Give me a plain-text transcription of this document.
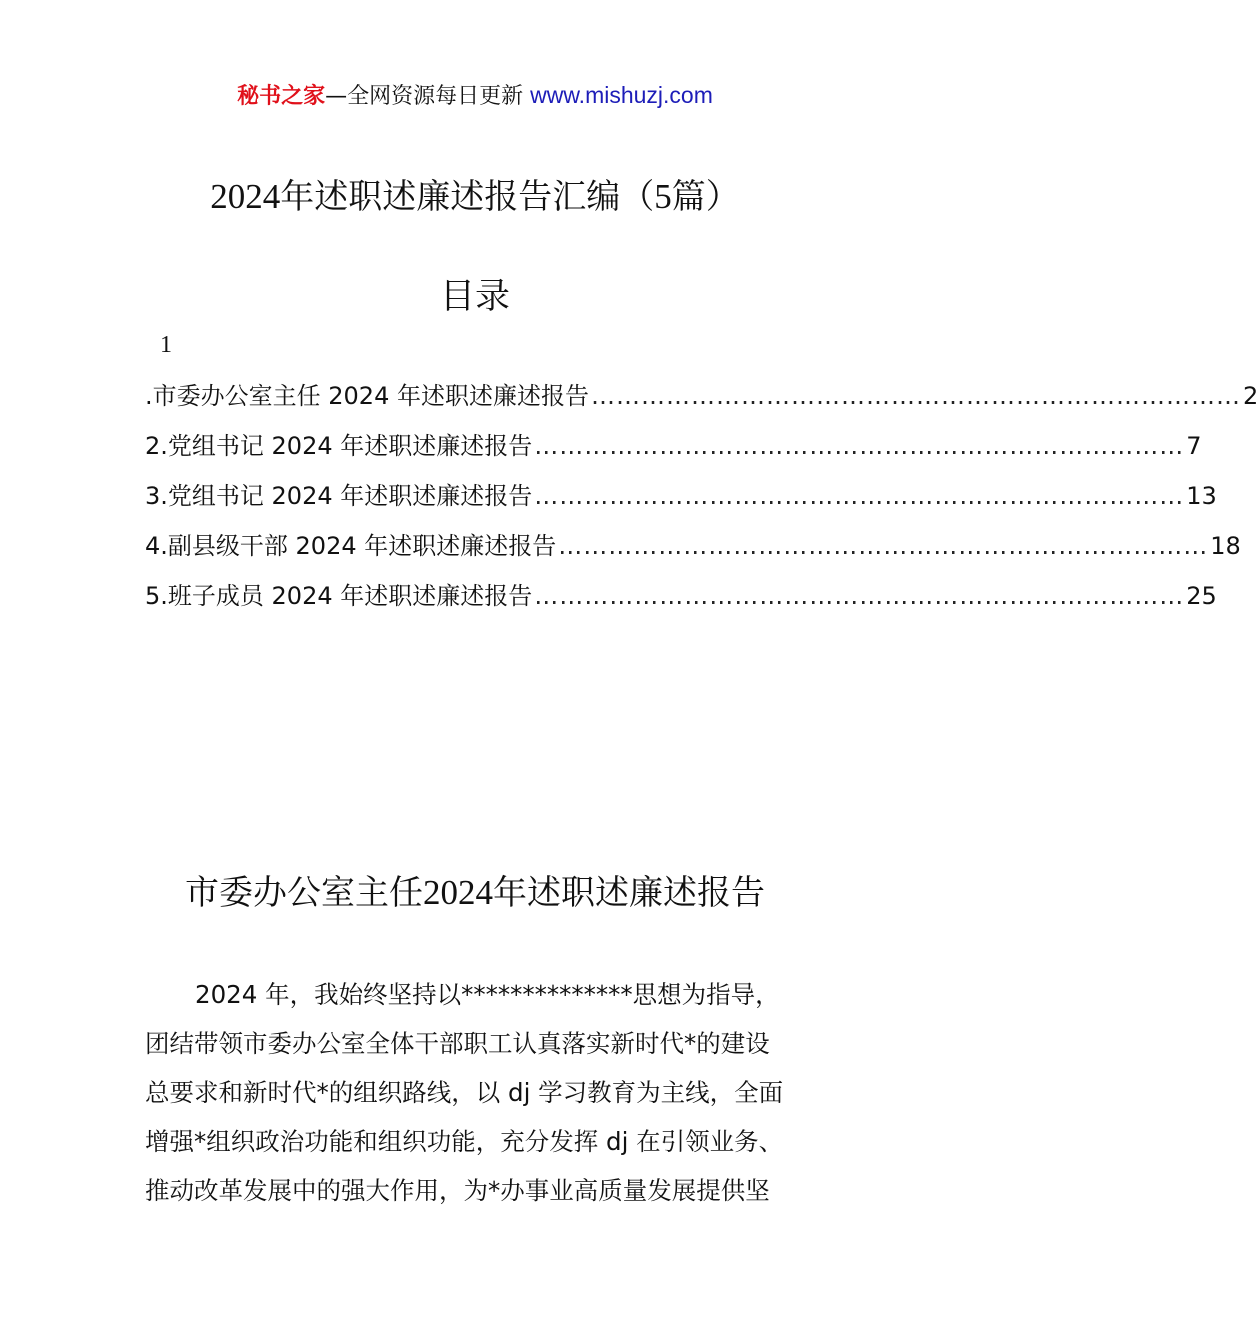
秘书之家—全网资源每日更新 www.mishuzj.com
2024年述职述廉述报告汇编（5篇）
目录
1
.市委办公室主任 2024 年述职述廉述报告 …………………………………………………………………… 2
2.党组书记 2024 年述职述廉述报告 …………………………………………………………………… 7
3.党组书记 2024 年述职述廉述报告 …………………………………………………………………… 13
4.副县级干部 2024 年述职述廉述报告 …………………………………………………………………… 18
5.班子成员 2024 年述职述廉述报告 …………………………………………………………………… 25
市委办公室主任2024年述职述廉述报告
2024 年，我始终坚持以**************思想为指导，
团结带领市委办公室全体干部职工认真落实新时代*的建设
总要求和新时代*的组织路线，以 dj 学习教育为主线，全面
增强*组织政治功能和组织功能，充分发挥 dj 在引领业务、
推动改革发展中的强大作用，为*办事业高质量发展提供坚
